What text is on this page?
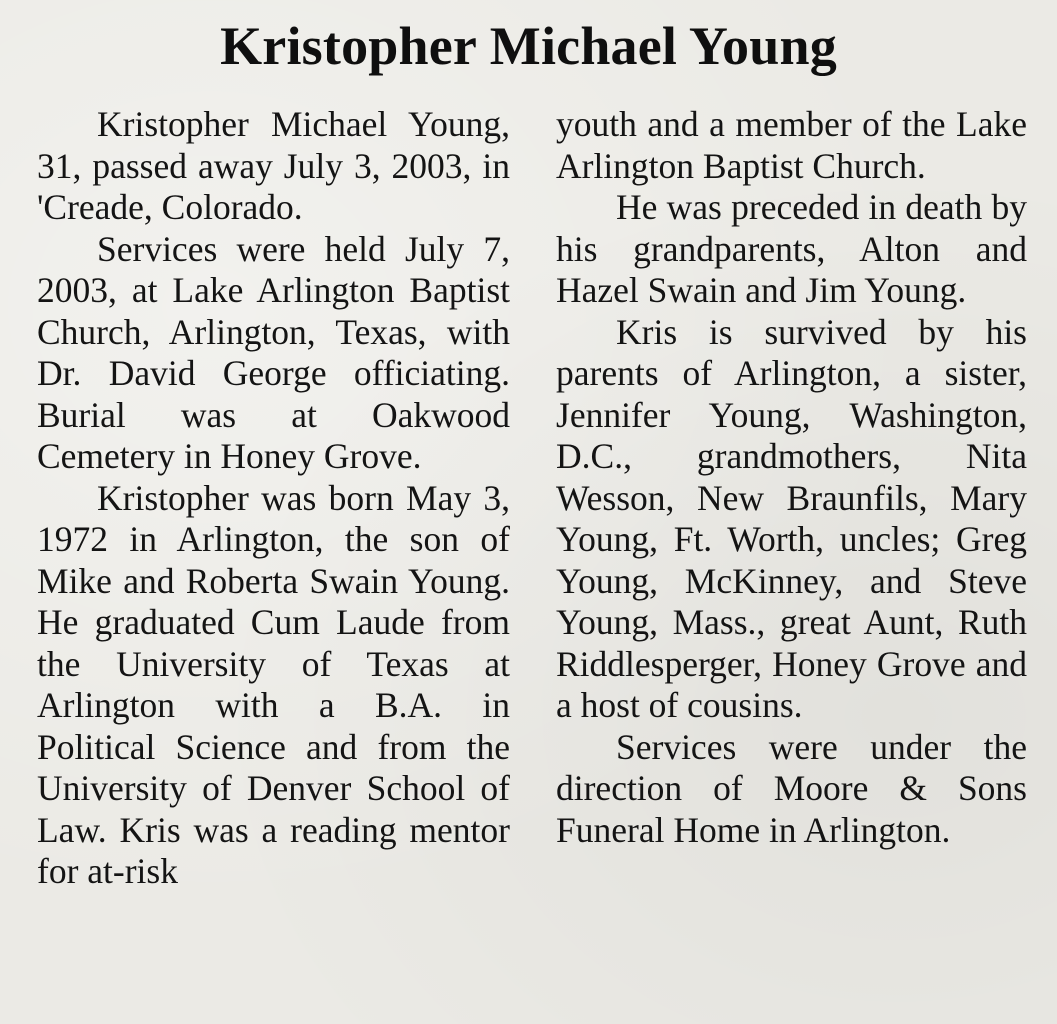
Kristopher Michael Young

Kristopher Michael Young, 31, passed away July 3, 2003, in 'Creade, Colorado.

Services were held July 7, 2003, at Lake Arlington Baptist Church, Arlington, Texas, with Dr. David George officiating. Burial was at Oakwood Cemetery in Honey Grove.

Kristopher was born May 3, 1972 in Arlington, the son of Mike and Roberta Swain Young. He graduated Cum Laude from the University of Texas at Arlington with a B.A. in Political Science and from the University of Denver School of Law. Kris was a reading mentor for at-risk

youth and a member of the Lake Arlington Baptist Church.

He was preceded in death by his grandparents, Alton and Hazel Swain and Jim Young.

Kris is survived by his parents of Arlington, a sister, Jennifer Young, Washington, D.C., grandmothers, Nita Wesson, New Braunfils, Mary Young, Ft. Worth, uncles; Greg Young, McKinney, and Steve Young, Mass., great Aunt, Ruth Riddlesperger, Honey Grove and a host of cousins.

Services were under the direction of Moore & Sons Funeral Home in Arlington.
